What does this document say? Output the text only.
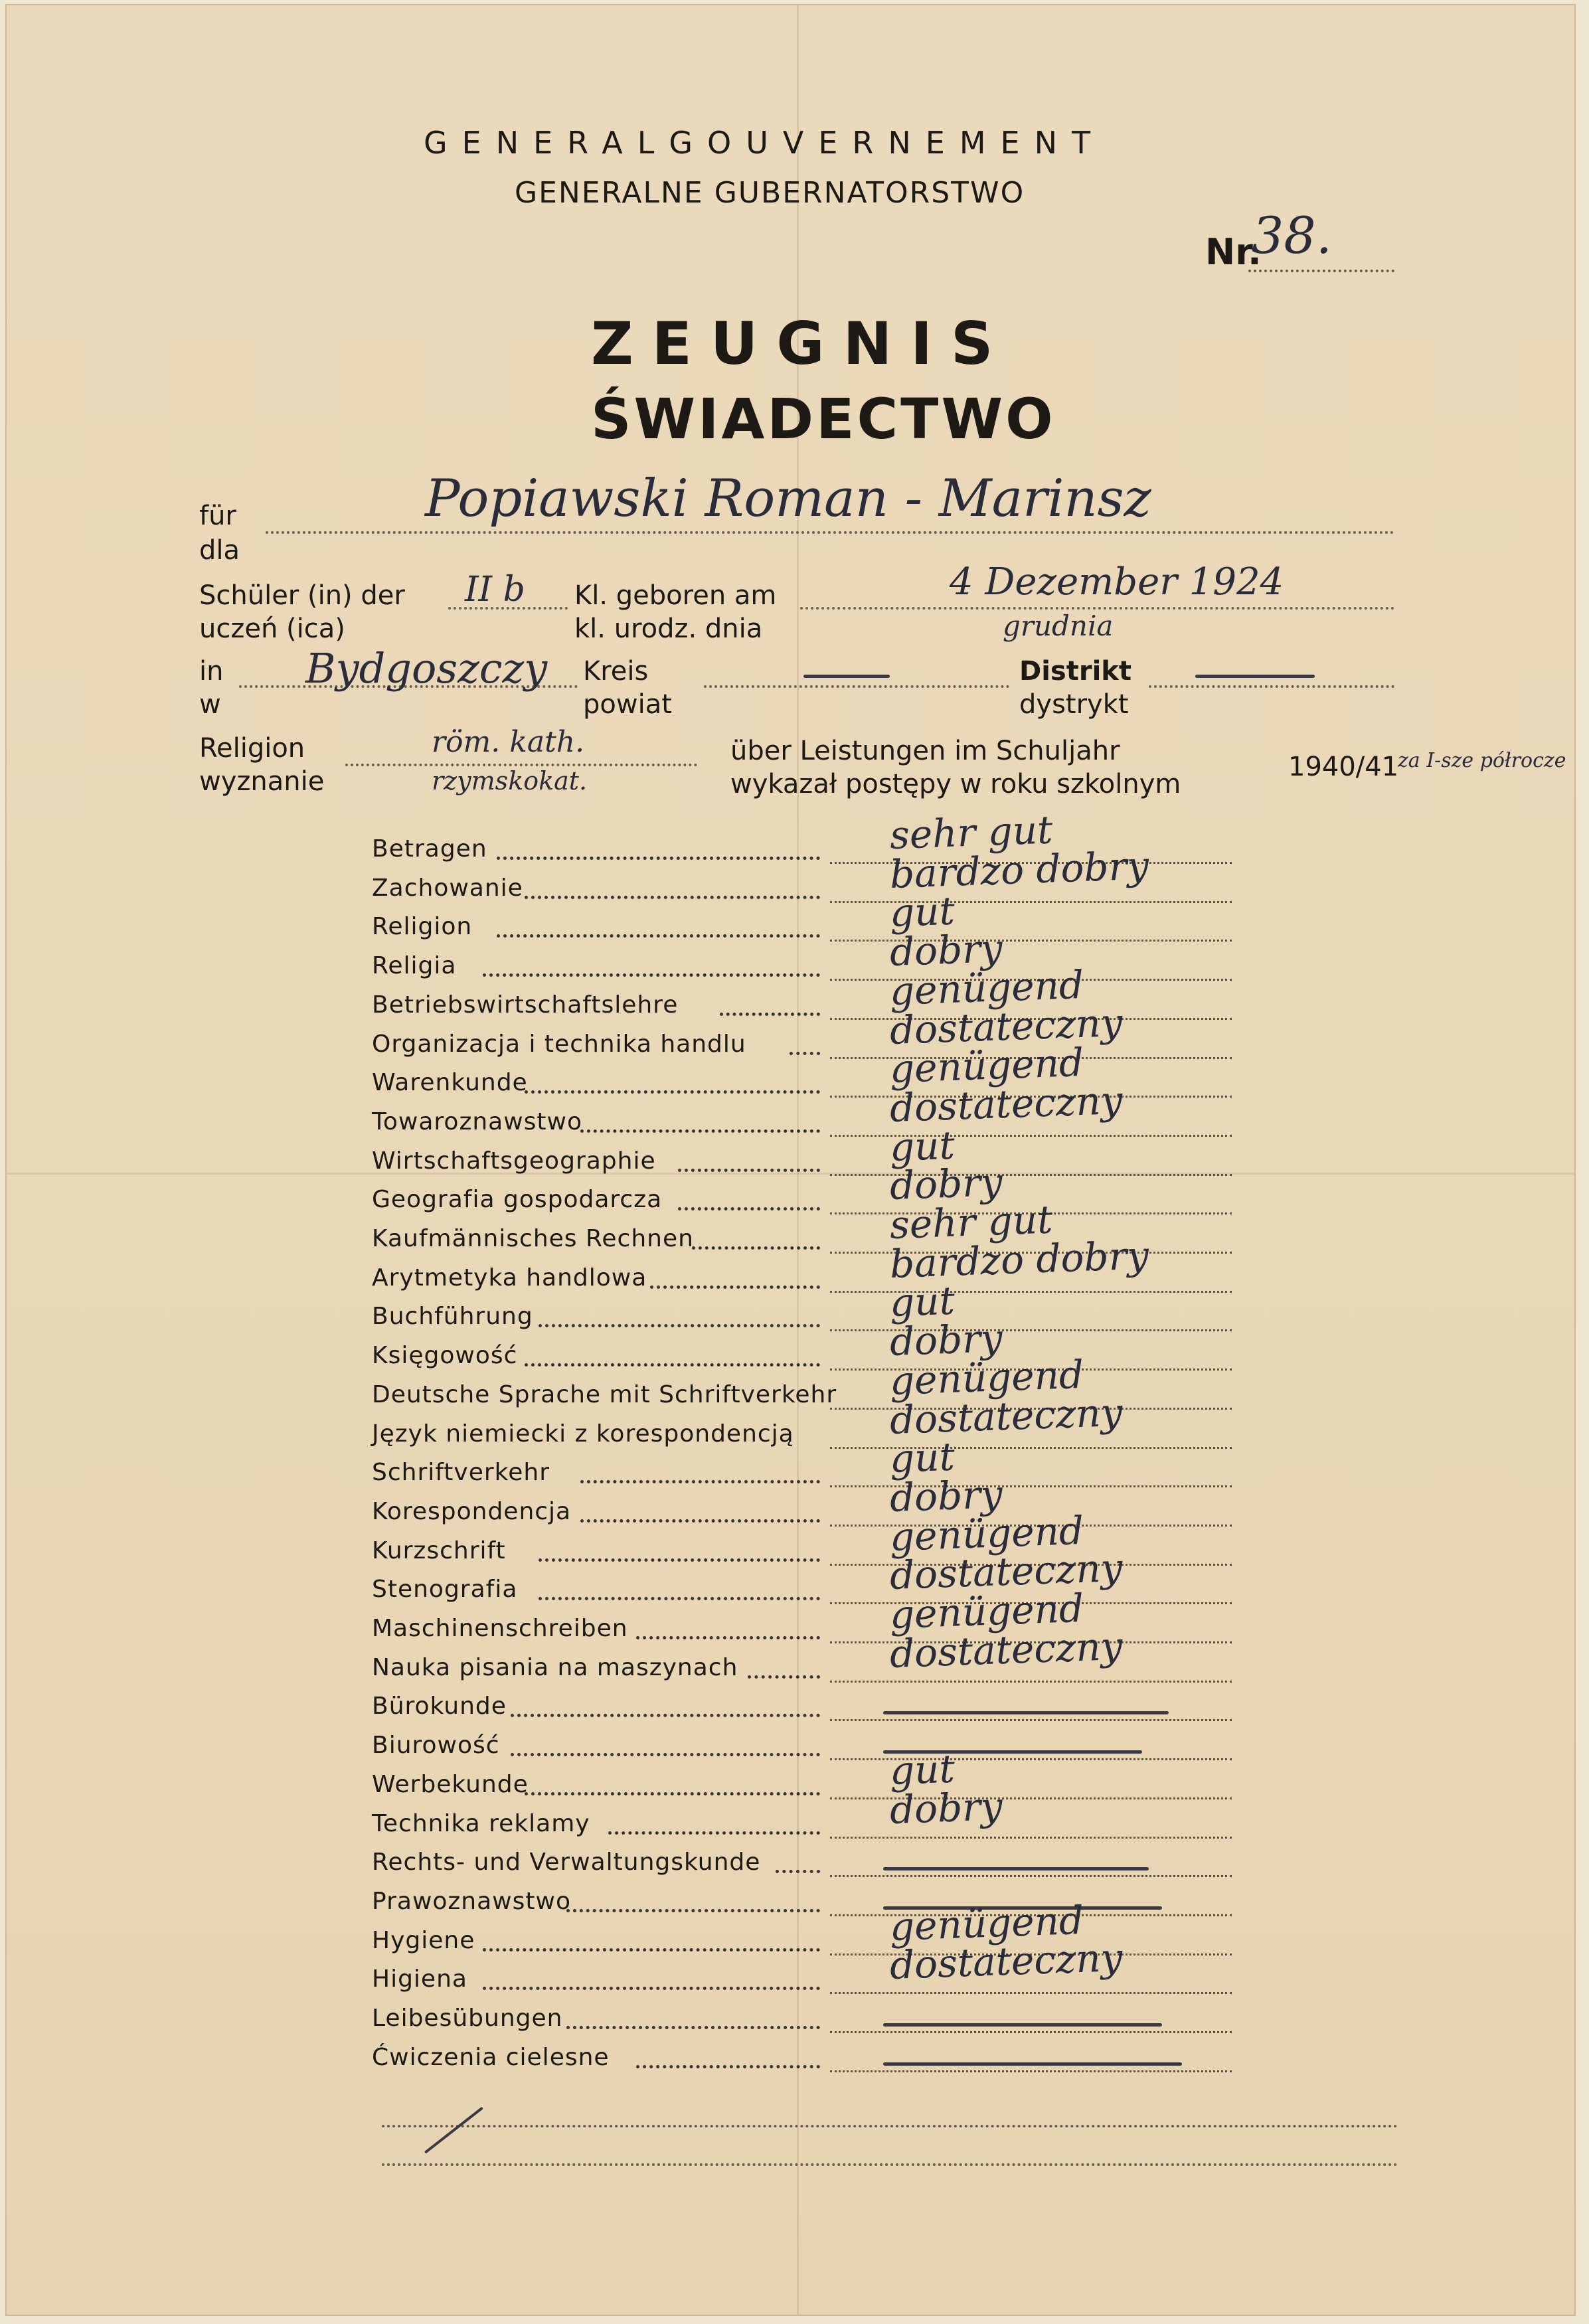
GENERALGOUVERNEMENT
GENERALNE GUBERNATORSTWO
Nr.
38.
ZEUGNIS
ŚWIADECTWO
für
dla
Popiawski Roman - Marinsz
Schüler (in) der
uczeń (ica)
II b Kl. geboren am
kl. urodz. dnia
4 Dezember 1924
grudnia
in
w
Bydgoszczy Kreis
powiat
Distrikt
dystrykt
Religion
wyznanie
röm. kath.
rzymskokat.
über Leistungen im Schuljahr
wykazał postępy w roku szkolnym
1940/41
za I-sze półrocze
Betragen	sehr gut
Zachowanie	bardzo dobry
Religion	gut
Religia	dobry
Betriebswirtschaftslehre	genügend
Organizacja i technika handlu	dostateczny
Warenkunde	genügend
Towaroznawstwo	dostateczny
Wirtschaftsgeographie	gut
Geografia gospodarcza	dobry
Kaufmännisches Rechnen	sehr gut
Arytmetyka handlowa	bardzo dobry
Buchführung	gut
Księgowość	dobry
Deutsche Sprache mit Schriftverkehr genügend
Język niemiecki z korespondencją dostateczny
Schriftverkehr	gut
Korespondencja	dobry
Kurzschrift	genügend
Stenografia	dostateczny
Maschinenschreiben	genügend
Nauka pisania na maszynach	dostateczny
Bürokunde
Biurowość
Werbekunde	gut
Technika reklamy	dobry
Rechts- und Verwaltungskunde
Prawoznawstwo
Hygiene	genügend
Higiena	dostateczny
Leibesübungen
Ćwiczenia cielesne
